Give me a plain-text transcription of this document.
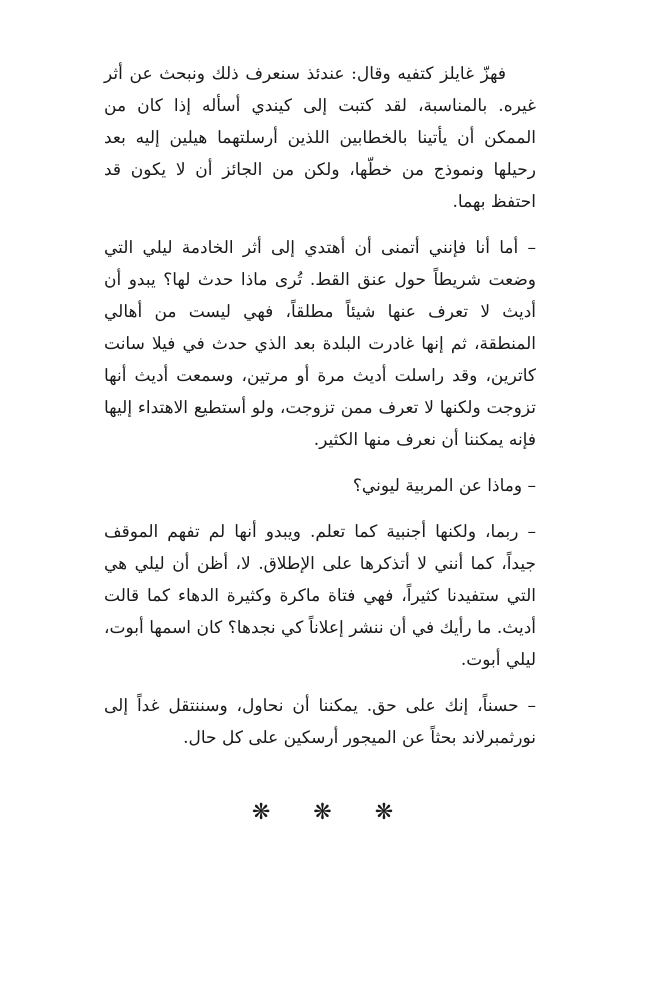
فهزّ غايلز كتفيه وقال: عندئذ سنعرف ذلك ونبحث عن أثر غيره. بالمناسبة، لقد كتبت إلى كيندي أسأله إذا كان من الممكن أن يأتينا بالخطابين اللذين أرسلتهما هيلين إليه بعد رحيلها ونموذج من خطّها، ولكن من الجائز أن لا يكون قد احتفظ بهما.

– أما أنا فإنني أتمنى أن أهتدي إلى أثر الخادمة ليلي التي وضعت شريطاً حول عنق القط. تُرى ماذا حدث لها؟ يبدو أن أديث لا تعرف عنها شيئاً مطلقاً، فهي ليست من أهالي المنطقة، ثم إنها غادرت البلدة بعد الذي حدث في فيلا سانت كاترين، وقد راسلت أديث مرة أو مرتين، وسمعت أديث أنها تزوجت ولكنها لا تعرف ممن تزوجت، ولو أستطيع الاهتداء إليها فإنه يمكننا أن نعرف منها الكثير.

– وماذا عن المربية ليوني؟

– ربما، ولكنها أجنبية كما تعلم. ويبدو أنها لم تفهم الموقف جيداً، كما أنني لا أتذكرها على الإطلاق. لا، أظن أن ليلي هي التي ستفيدنا كثيراً، فهي فتاة ماكرة وكثيرة الدهاء كما قالت أديث. ما رأيك في أن ننشر إعلاناً كي نجدها؟ كان اسمها أبوت، ليلي أبوت.

– حسناً، إنك على حق. يمكننا أن نحاول، وسننتقل غداً إلى نورثمبرلاند بحثاً عن الميجور أرسكين على كل حال.

❋ ❋ ❋
